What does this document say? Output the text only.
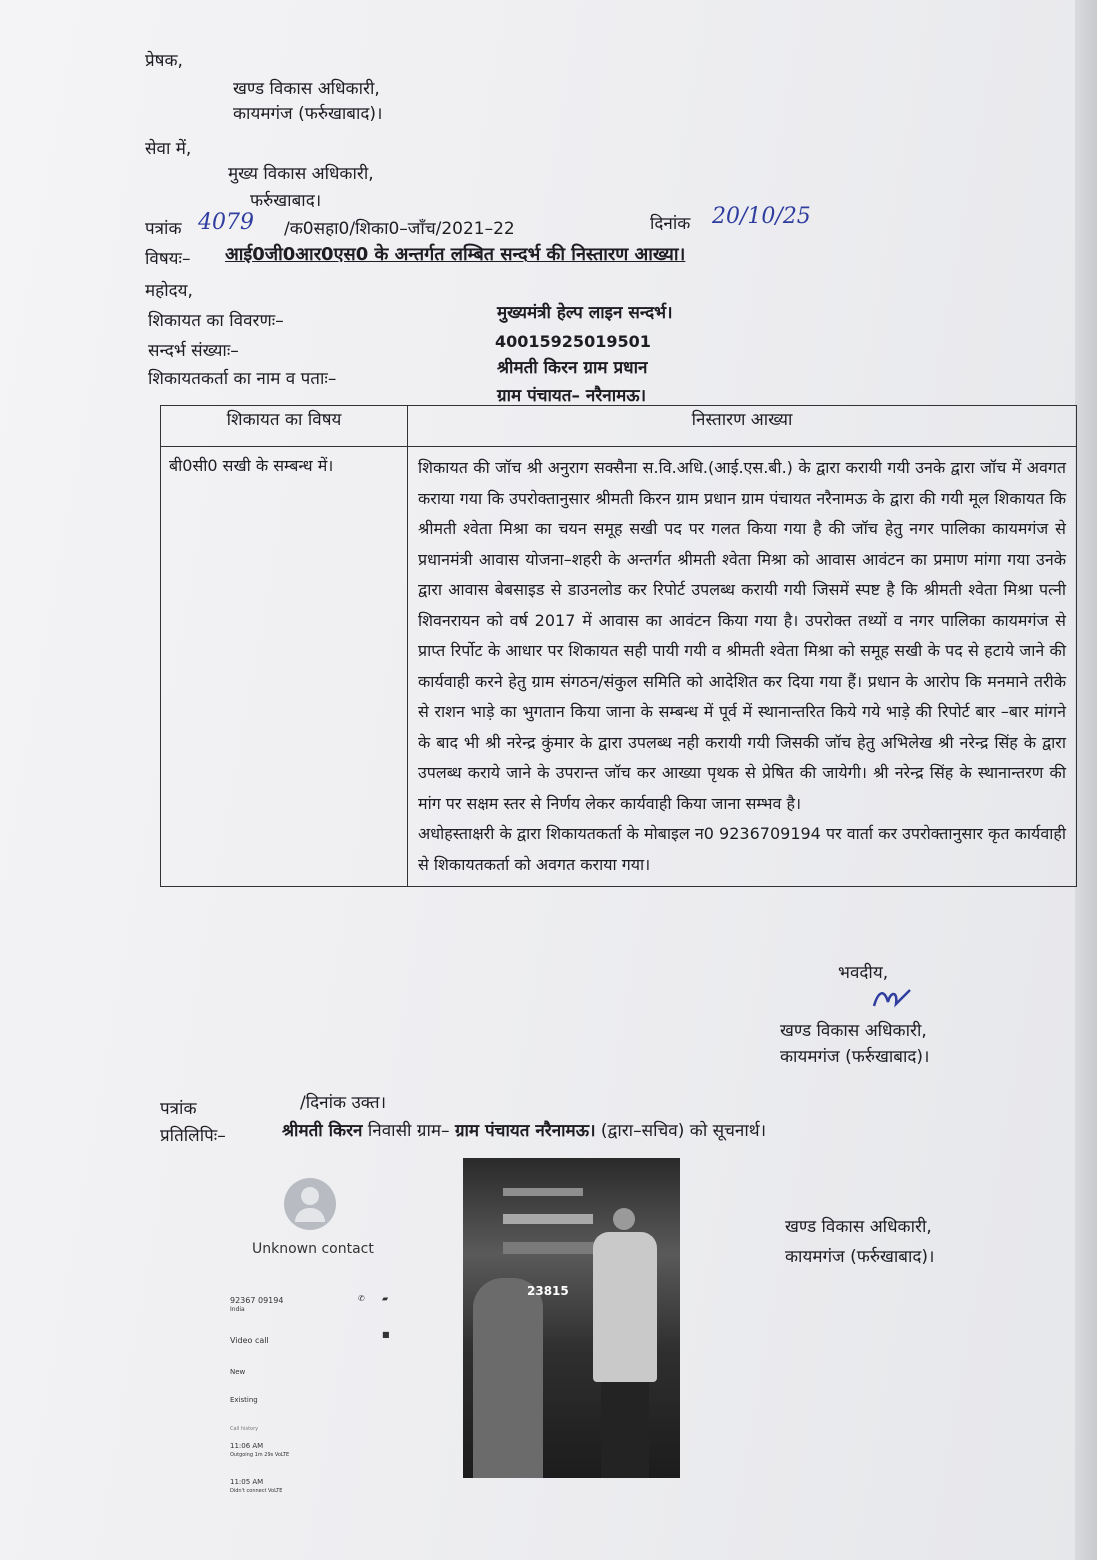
प्रेषक,
खण्ड विकास अधिकारी,
कायमगंज (फर्रुखाबाद)।
सेवा में,
मुख्य विकास अधिकारी,
फर्रुखाबाद।
पत्रांक 4079 /क0सहा0/शिका0–जाँच/2021–22	दिनांक 20/10/25
विषयः– आई0जी0आर0एस0 के अन्तर्गत लम्बित सन्दर्भ की निस्तारण आख्या।
महोदय,
शिकायत का विवरणः–	मुख्यमंत्री हेल्प लाइन सन्दर्भ।
सन्दर्भ संख्याः–	40015925019501
शिकायतकर्ता का नाम व पताः–
श्रीमती किरन ग्राम प्रधान
ग्राम पंचायत– नरैनामऊ।
शिकायत का विषय	निस्तारण आख्या
बी0सी0 सखी के सम्बन्ध में।	शिकायत की जॉच श्री अनुराग सक्सैना स.वि.अधि.(आई.एस.बी.) के द्वारा करायी गयी उनके द्वारा जॉच में अवगत कराया गया कि उपरोक्तानुसार श्रीमती किरन ग्राम प्रधान ग्राम पंचायत नरैनामऊ के द्वारा की गयी मूल शिकायत कि श्रीमती श्वेता मिश्रा का चयन समूह सखी पद पर गलत किया गया है की जॉच हेतु नगर पालिका कायमगंज से प्रधानमंत्री आवास योजना–शहरी के अन्तर्गत श्रीमती श्वेता मिश्रा को आवास आवंटन का प्रमाण मांगा गया उनके द्वारा आवास बेबसाइड से डाउनलोड कर रिपोर्ट उपलब्ध करायी गयी जिसमें स्पष्ट है कि श्रीमती श्वेता मिश्रा पत्नी शिवनरायन को वर्ष 2017 में आवास का आवंटन किया गया है। उपरोक्त तथ्यों व नगर पालिका कायमगंज से प्राप्त रिर्पोट के आधार पर शिकायत सही पायी गयी व श्रीमती श्वेता मिश्रा को समूह सखी के पद से हटाये जाने की कार्यवाही करने हेतु ग्राम संगठन/संकुल समिति को आदेशित कर दिया गया हैं। प्रधान के आरोप कि मनमाने तरीके से राशन भाड़े का भुगतान किया जाना के सम्बन्ध में पूर्व में स्थानान्तरित किये गये भाड़े की रिपोर्ट बार –बार मांगने के बाद भी श्री नरेन्द्र कुंमार के द्वारा उपलब्ध नही करायी गयी जिसकी जॉच हेतु अभिलेख श्री नरेन्द्र सिंह के द्वारा उपलब्ध कराये जाने के उपरान्त जॉच कर आख्या पृथक से प्रेषित की जायेगी। श्री नरेन्द्र सिंह के स्थानान्तरण की मांग पर सक्षम स्तर से निर्णय लेकर कार्यवाही किया जाना सम्भव है।

अधोहस्ताक्षरी के द्वारा शिकायतकर्ता के मोबाइल न0 9236709194 पर वार्ता कर उपरोक्तानुसार कृत कार्यवाही से शिकायतकर्ता को अवगत कराया गया।

भवदीय,
खण्ड विकास अधिकारी,
कायमगंज (फर्रुखाबाद)।
पत्रांक	/दिनांक उक्त।
प्रतिलिपिः–	श्रीमती किरन निवासी ग्राम– ग्राम पंचायत नरैनामऊ। (द्वारा–सचिव) को सूचनार्थ।
खण्ड विकास अधिकारी,
कायमगंज (फर्रुखाबाद)।
Unknown contact
92367 09194
India
✆ ▰
Video call
■
New
Existing
Call history
11:06 AM
Outgoing 1m 29s VoLTE
11:05 AM
Didn't connect VoLTE
23815
